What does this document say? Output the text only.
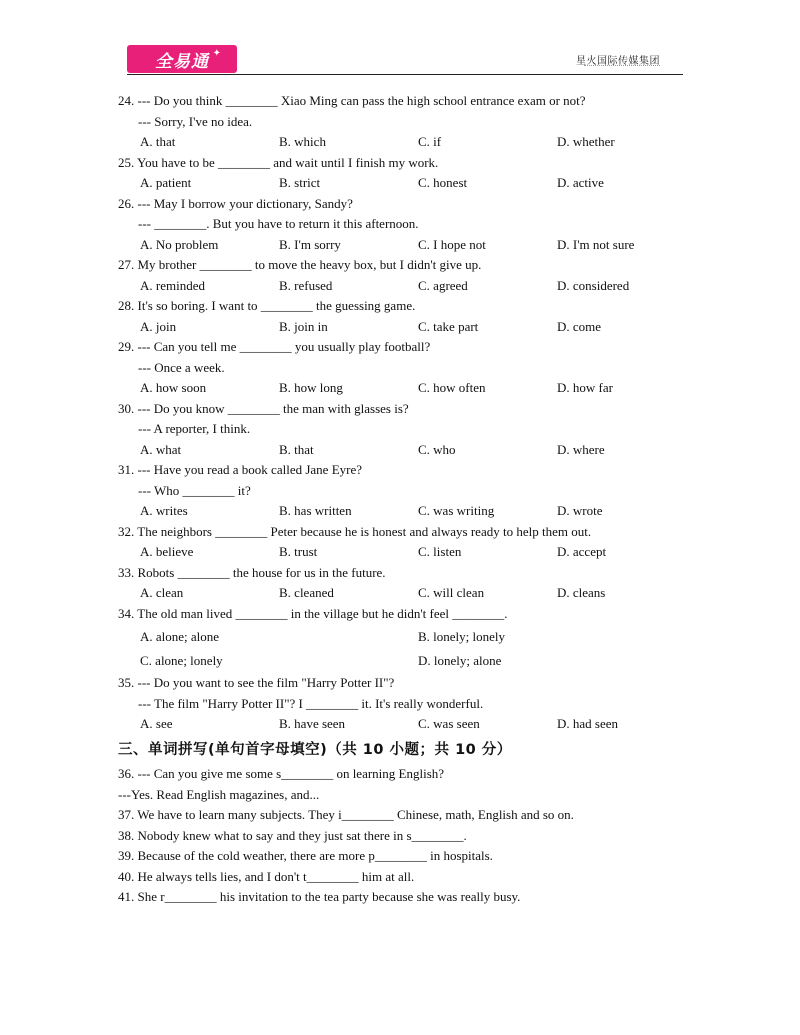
全易通 ✦
星火国际传媒集团

24. --- Do you think ________ Xiao Ming can pass the high school entrance exam or not?

--- Sorry, I've no idea.

A. that	B. which	C. if	D. whether

25. You have to be ________ and wait until I finish my work.

A. patient	B. strict	C. honest	D. active

26. --- May I borrow your dictionary, Sandy?

--- ________. But you have to return it this afternoon.

A. No problem	B. I'm sorry	C. I hope not	D. I'm not sure

27. My brother ________ to move the heavy box, but I didn't give up.

A. reminded	B. refused	C. agreed	D. considered

28. It's so boring. I want to ________ the guessing game.

A. join	B. join in	C. take part	D. come

29. --- Can you tell me ________ you usually play football?

--- Once a week.

A. how soon	B. how long	C. how often	D. how far

30. --- Do you know ________ the man with glasses is?

--- A reporter, I think.

A. what	B. that	C. who	D. where

31. --- Have you read a book called Jane Eyre?

--- Who ________ it?

A. writes	B. has written	C. was writing	D. wrote

32. The neighbors ________ Peter because he is honest and always ready to help them out.

A. believe	B. trust	C. listen	D. accept

33. Robots ________ the house for us in the future.

A. clean	B. cleaned	C. will clean	D. cleans

34. The old man lived ________ in the village but he didn't feel ________.

A. alone; alone	B. lonely; lonely
C. alone; lonely	D. lonely; alone

35. --- Do you want to see the film "Harry Potter II"?

--- The film "Harry Potter II"? I ________ it. It's really wonderful.

A. see	B. have seen	C. was seen	D. had seen
三、单词拼写(单句首字母填空)（共 10 小题；共 10 分）

36. --- Can you give me some s________ on learning English?

---Yes. Read English magazines, and...

37. We have to learn many subjects. They i________ Chinese, math, English and so on.

38. Nobody knew what to say and they just sat there in s________.

39. Because of the cold weather, there are more p________ in hospitals.

40. He always tells lies, and I don't t________ him at all.

41. She r________ his invitation to the tea party because she was really busy.
